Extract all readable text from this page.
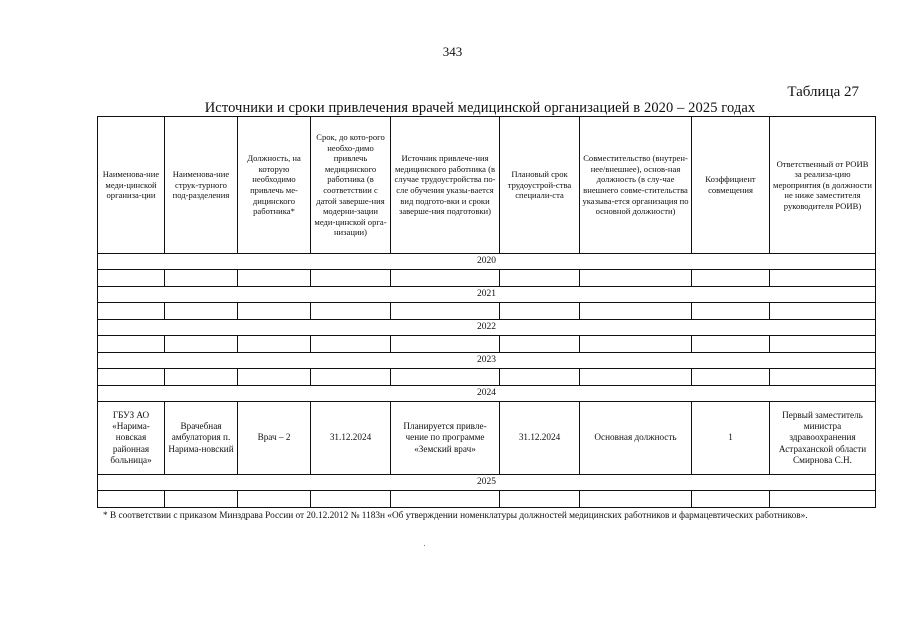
343
Таблица 27
Источники и сроки привлечения врачей медицинской организацией в 2020 – 2025 годах
Наименова-ние меди-цинской организа-ции	Наименова-ние струк-турного под-разделения	Должность, на которую необходимо привлечь ме-дицинского работника*	Срок, до кото-рого необхо-димо привлечь медицинского работника (в соответствии с датой заверше-ния модерни-зации меди-цинской орга-низации)	Источник привлече-ния медицинского работника (в случае трудоустройства по-сле обучения указы-вается вид подгото-вки и сроки заверше-ния подготовки)	Плановый срок трудоустрой-ства специали-ста	Совместительство (внутрен-нее/внешнее), основ-ная должность (в слу-чае внешнего совме-стительства указыва-ется организация по основной должности)	Коэффициент совмещения	Ответственный от РОИВ за реализа-цию мероприятия (в должности не ниже заместителя руководителя РОИВ)
2020								

2021								

2022								

2023								

2024								
ГБУЗ АО «Нарима-новская районная больница»	Врачебная амбулатория п. Нарима-новский	Врач – 2	31.12.2024	Планируется привле-чение по программе «Земский врач»	31.12.2024	Основная должность	1	Первый заместитель министра здравоохранения Астраханской области Смирнова С.Н.
2025								

* В соответствии с приказом Минздрава России от 20.12.2012 № 1183н «Об утверждении номенклатуры должностей медицинских работников и фармацевтических работников».
